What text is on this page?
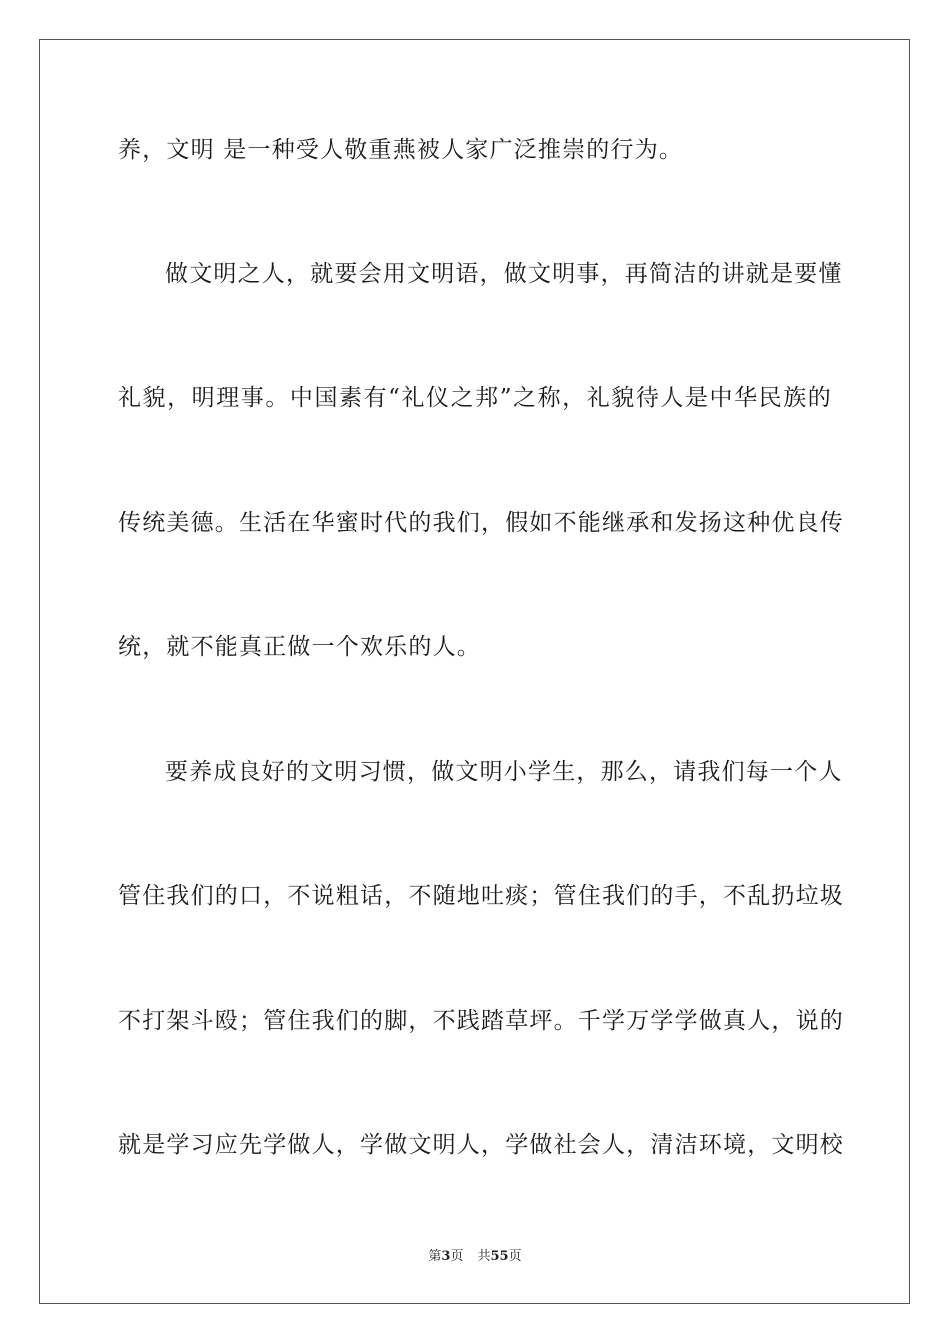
养，文明 是一种受人敬重燕被人家广泛推崇的行为。
做文明之人，就要会用文明语，做文明事，再简洁的讲就是要懂
礼貌，明理事。中国素有“礼仪之邦”之称，礼貌待人是中华民族的
传统美德。生活在华蜜时代的我们，假如不能继承和发扬这种优良传
统，就不能真正做一个欢乐的人。
要养成良好的文明习惯，做文明小学生，那么，请我们每一个人
管住我们的口，不说粗话，不随地吐痰；管住我们的手，不乱扔垃圾
不打架斗殴；管住我们的脚，不践踏草坪。千学万学学做真人，说的
就是学习应先学做人，学做文明人，学做社会人，清洁环境，文明校
第3页 共55页
